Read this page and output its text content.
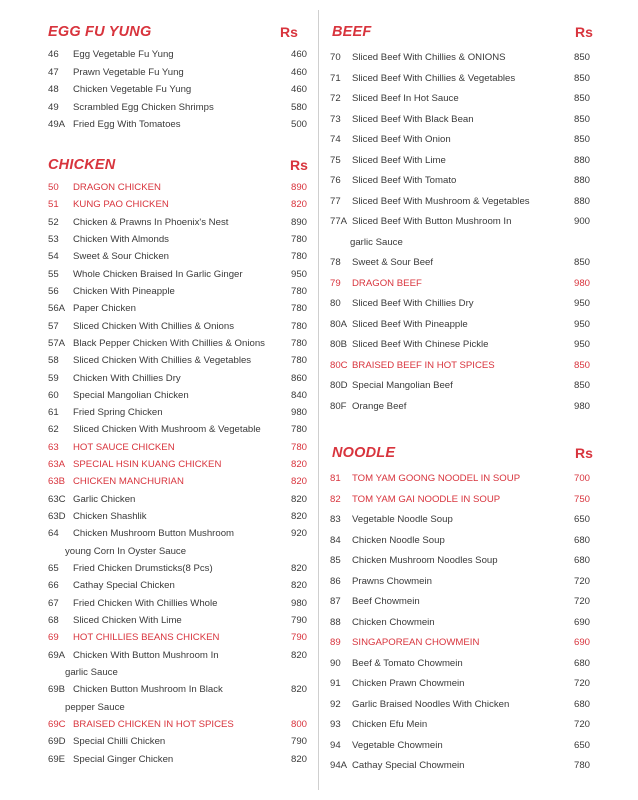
EGG FU YUNG	Rs
46 Egg Vegetable Fu Yung	460
47 Prawn Vegetable Fu Yung	460
48 Chicken Vegetable Fu Yung	460
49 Scrambled Egg Chicken Shrimps	580
49A Fried Egg With Tomatoes	500
CHICKEN	Rs
50 DRAGON CHICKEN	890
51 KUNG PAO CHICKEN	820
52 Chicken & Prawns In Phoenix's Nest	890
53 Chicken With Almonds	780
54 Sweet & Sour Chicken	780
55 Whole Chicken Braised In Garlic Ginger	950
56 Chicken With Pineapple	780
56A Paper Chicken	780
57 Sliced Chicken With Chillies & Onions	780
57A Black Pepper Chicken With Chillies & Onions	780
58 Sliced Chicken With Chillies & Vegetables	780
59 Chicken With Chillies Dry	860
60 Special Mangolian Chicken	840
61 Fried Spring Chicken	980
62 Sliced Chicken With Mushroom & Vegetable	780
63 HOT SAUCE CHICKEN	780
63A SPECIAL HSIN KUANG CHICKEN	820
63B CHICKEN MANCHURIAN	820
63C Garlic Chicken	820
63D Chicken Shashlik	820
64 Chicken Mushroom Button Mushroom	920
young Corn In Oyster Sauce
65 Fried Chicken Drumsticks(8 Pcs)	820
66 Cathay Special Chicken	820
67 Fried Chicken With Chillies Whole	980
68 Sliced Chicken With Lime	790
69 HOT CHILLIES BEANS CHICKEN	790
69A Chicken With Button Mushroom In	820
garlic Sauce
69B Chicken Button Mushroom In Black	820
pepper Sauce
69C BRAISED CHICKEN IN HOT SPICES	800
69D Special Chilli Chicken	790
69E Special Ginger Chicken	820
BEEF	Rs
70 Sliced Beef With Chillies & ONIONS	850
71 Sliced Beef With Chillies & Vegetables	850
72 Sliced Beef In Hot Sauce	850
73 Sliced Beef With Black Bean	850
74 Sliced Beef With Onion	850
75 Sliced Beef With Lime	880
76 Sliced Beef With Tomato	880
77 Sliced Beef With Mushroom & Vegetables	880
77A Sliced Beef With Button Mushroom In	900
garlic Sauce
78 Sweet & Sour Beef	850
79 DRAGON BEEF	980
80 Sliced Beef With Chillies Dry	950
80A Sliced Beef With Pineapple	950
80B Sliced Beef With Chinese Pickle	950
80C BRAISED BEEF IN HOT SPICES	850
80D Special Mangolian Beef	850
80F Orange Beef	980
NOODLE	Rs
81 TOM YAM GOONG NOODEL IN SOUP	700
82 TOM YAM GAI NOODLE IN SOUP	750
83 Vegetable Noodle Soup	650
84 Chicken Noodle Soup	680
85 Chicken Mushroom Noodles Soup	680
86 Prawns Chowmein	720
87 Beef Chowmein	720
88 Chicken Chowmein	690
89 SINGAPOREAN CHOWMEIN	690
90 Beef & Tomato Chowmein	680
91 Chicken Prawn Chowmein	720
92 Garlic Braised Noodles With Chicken	680
93 Chicken Efu Mein	720
94 Vegetable Chowmein	650
94A Cathay Special Chowmein	780
